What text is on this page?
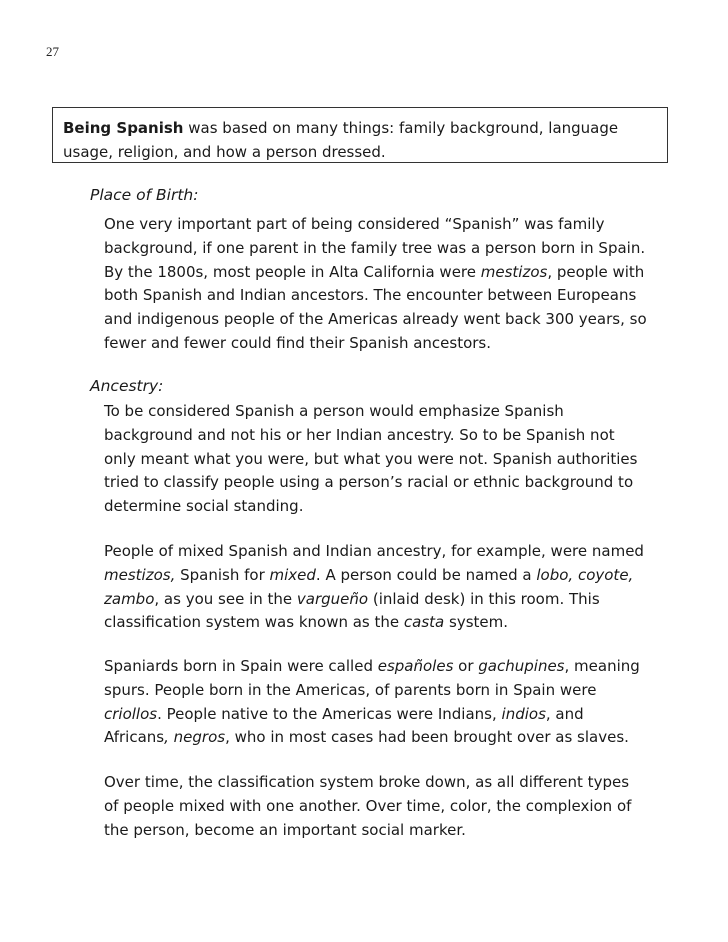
27
Being Spanish was based on many things: family background, language
usage, religion, and how a person dressed.
Place of Birth:
One very important part of being considered “Spanish” was family
background, if one parent in the family tree was a person born in Spain.
By the 1800s, most people in Alta California were mestizos, people with
both Spanish and Indian ancestors. The encounter between Europeans
and indigenous people of the Americas already went back 300 years, so
fewer and fewer could find their Spanish ancestors.
Ancestry:
To be considered Spanish a person would emphasize Spanish
background and not his or her Indian ancestry. So to be Spanish not
only meant what you were, but what you were not. Spanish authorities
tried to classify people using a person’s racial or ethnic background to
determine social standing.
People of mixed Spanish and Indian ancestry, for example, were named
mestizos, Spanish for mixed. A person could be named a lobo, coyote,
zambo, as you see in the vargueño (inlaid desk) in this room. This
classification system was known as the casta system.
Spaniards born in Spain were called españoles or gachupines, meaning
spurs. People born in the Americas, of parents born in Spain were
criollos. People native to the Americas were Indians, indios, and
Africans, negros, who in most cases had been brought over as slaves.
Over time, the classification system broke down, as all different types
of people mixed with one another. Over time, color, the complexion of
the person, become an important social marker.
